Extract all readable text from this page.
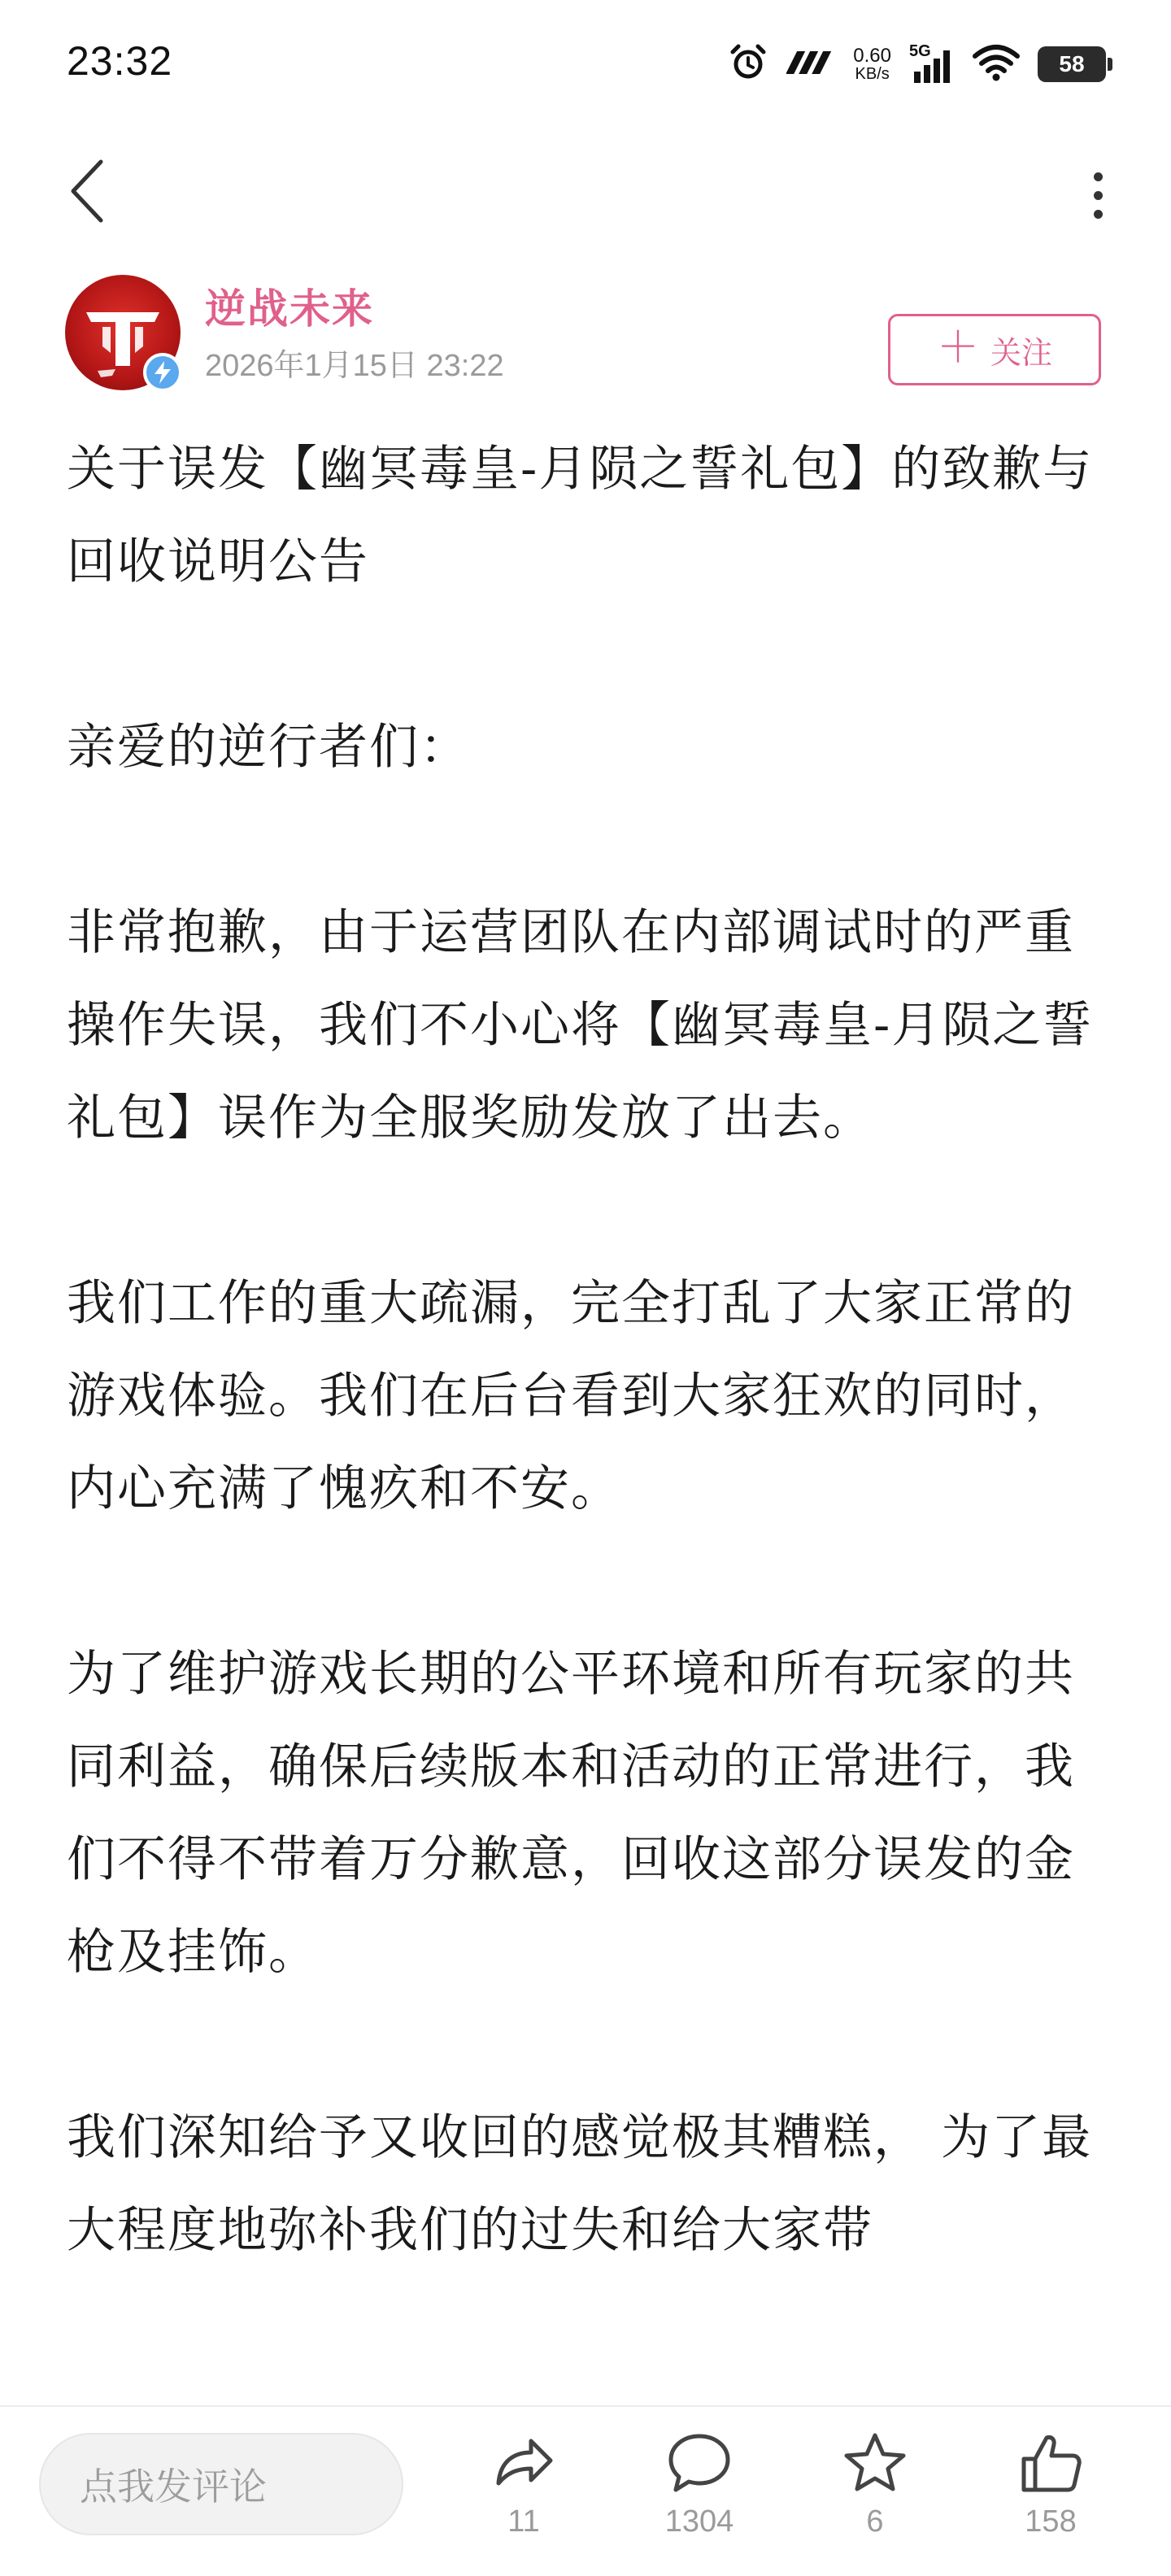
23:32	0.60
KB/s
5G	58
逆战未来
2026年1月15日 23:22	＋ 关注

关于误发【幽冥毒皇-月陨之誓礼包】的致歉与回收说明公告

亲爱的逆行者们：

非常抱歉，由于运营团队在内部调试时的严重操作失误，我们不小心将【幽冥毒皇-月陨之誓礼包】误作为全服奖励发放了出去。

我们工作的重大疏漏，完全打乱了大家正常的游戏体验。我们在后台看到大家狂欢的同时，内心充满了愧疚和不安。

为了维护游戏长期的公平环境和所有玩家的共同利益，确保后续版本和活动的正常进行，我们不得不带着万分歉意，回收这部分误发的金枪及挂饰。

我们深知给予又收回的感觉极其糟糕， 为了最大程度地弥补我们的过失和给大家带

点我发评论
11	1304	6	158
